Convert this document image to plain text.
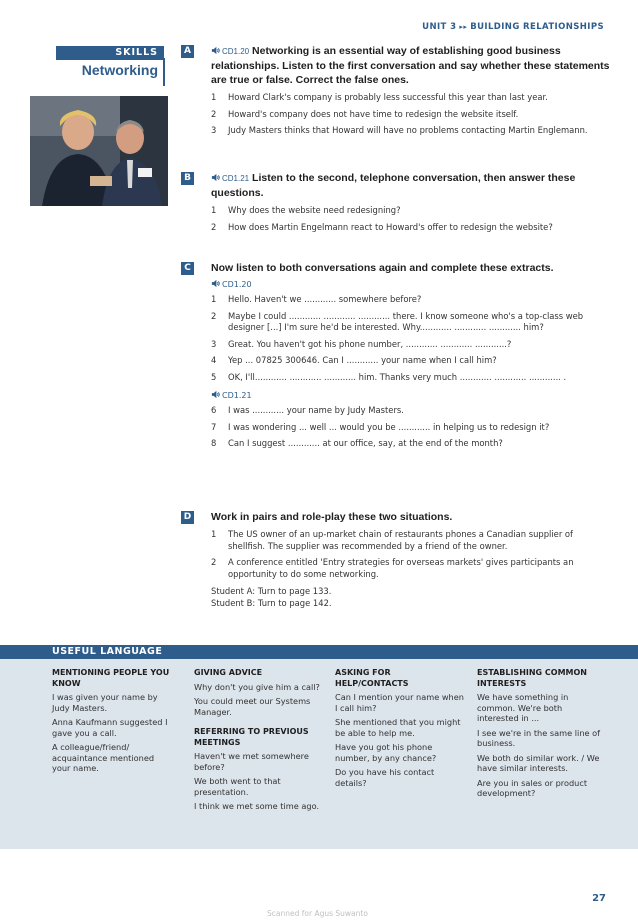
UNIT 3 ▸▸ BUILDING RELATIONSHIPS
SKILLS
Networking
A	CD1.20 Networking is an essential way of establishing good business relationships. Listen to the first conversation and say whether these statements are true or false. Correct the false ones.
1	Howard Clark's company is probably less successful this year than last year.
2	Howard's company does not have time to redesign the website itself.
3	Judy Masters thinks that Howard will have no problems contacting Martin Englemann.
B	CD1.21 Listen to the second, telephone conversation, then answer these questions.
1	Why does the website need redesigning?
2	How does Martin Engelmann react to Howard's offer to redesign the website?
C	Now listen to both conversations again and complete these extracts.
CD1.20
1	Hello. Haven't we ............ somewhere before?
2	Maybe I could ............ ............ ............ there. I know someone who's a top-class web designer [...] I'm sure he'd be interested. Why............ ............ ............ him?
3	Great. You haven't got his phone number, ............ ............ ............?
4	Yep ... 07825 300646. Can I ............ your name when I call him?
5	OK, I'll............ ............ ............ him. Thanks very much ............ ............ ............ .
CD1.21
6	I was ............ your name by Judy Masters.
7	I was wondering ... well ... would you be ............ in helping us to redesign it?
8	Can I suggest ............ at our office, say, at the end of the month?
D Work in pairs and role-play these two situations.
1	The US owner of an up-market chain of restaurants phones a Canadian supplier of shellfish. The supplier was recommended by a friend of the owner.
2	A conference entitled 'Entry strategies for overseas markets' gives participants an opportunity to do some networking.
Student A: Turn to page 133.
Student B: Turn to page 142.
USEFUL LANGUAGE
MENTIONING PEOPLE YOU KNOW
I was given your name by Judy Masters.
Anna Kaufmann suggested I gave you a call.
A colleague/friend/ acquaintance mentioned your name.
GIVING ADVICE
Why don't you give him a call?
You could meet our Systems Manager.
REFERRING TO PREVIOUS MEETINGS
Haven't we met somewhere before?
We both went to that presentation.
I think we met some time ago.
ASKING FOR HELP/CONTACTS
Can I mention your name when I call him?
She mentioned that you might be able to help me.
Have you got his phone number, by any chance?
Do you have his contact details?
ESTABLISHING COMMON INTERESTS
We have something in common. We're both interested in ...
I see we're in the same line of business.
We both do similar work. / We have similar interests.
Are you in sales or product development?
27
Scanned for Agus Suwanto
